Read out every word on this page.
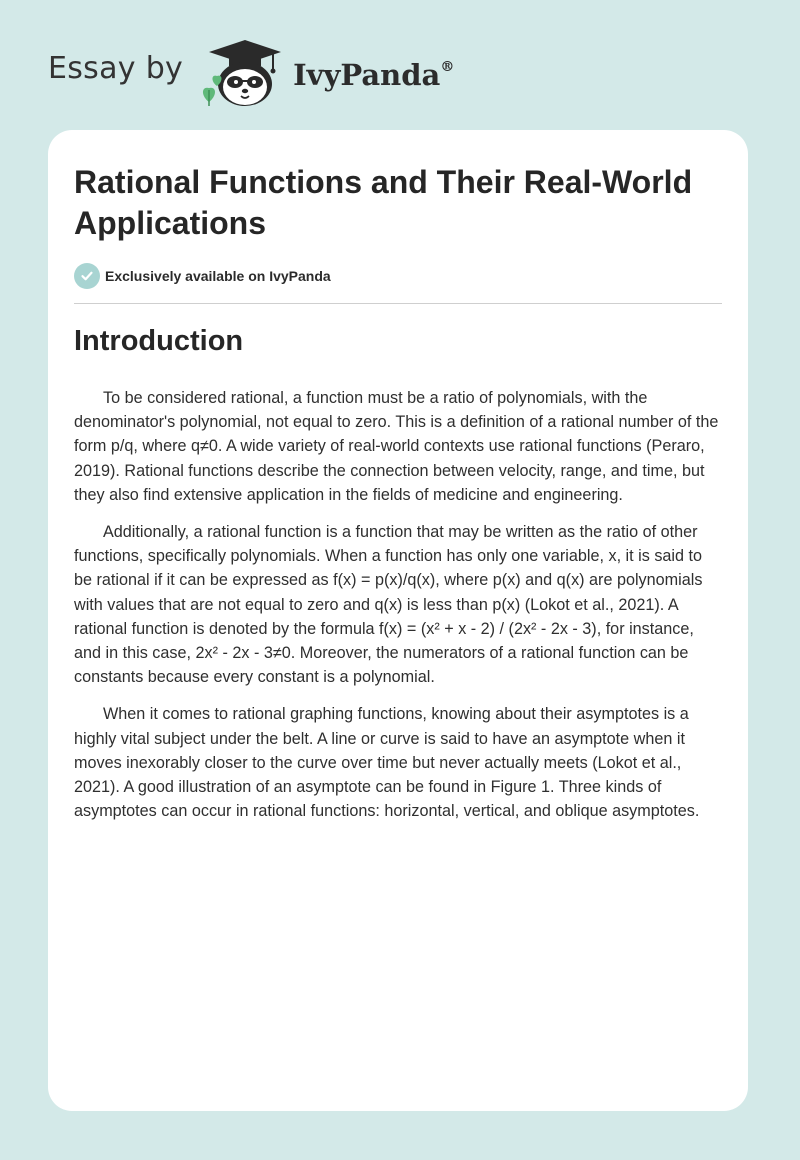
Essay by	IvyPanda®
Rational Functions and Their Real-World Applications
Exclusively available on IvyPanda
Introduction

To be considered rational, a function must be a ratio of polynomials, with the denominator's polynomial, not equal to zero. This is a definition of a rational number of the form p/q, where q≠0. A wide variety of real-world contexts use rational functions (Peraro, 2019). Rational functions describe the connection between velocity, range, and time, but they also find extensive application in the fields of medicine and engineering.

Additionally, a rational function is a function that may be written as the ratio of other functions, specifically polynomials. When a function has only one variable, x, it is said to be rational if it can be expressed as f(x) = p(x)/q(x), where p(x) and q(x) are polynomials with values that are not equal to zero and q(x) is less than p(x) (Lokot et al., 2021). A rational function is denoted by the formula f(x) = (x² + x - 2) / (2x² - 2x - 3), for instance, and in this case, 2x² - 2x - 3≠0. Moreover, the numerators of a rational function can be constants because every constant is a polynomial.

When it comes to rational graphing functions, knowing about their asymptotes is a highly vital subject under the belt. A line or curve is said to have an asymptote when it moves inexorably closer to the curve over time but never actually meets (Lokot et al., 2021). A good illustration of an asymptote can be found in Figure 1. Three kinds of asymptotes can occur in rational functions: horizontal, vertical, and oblique asymptotes.
